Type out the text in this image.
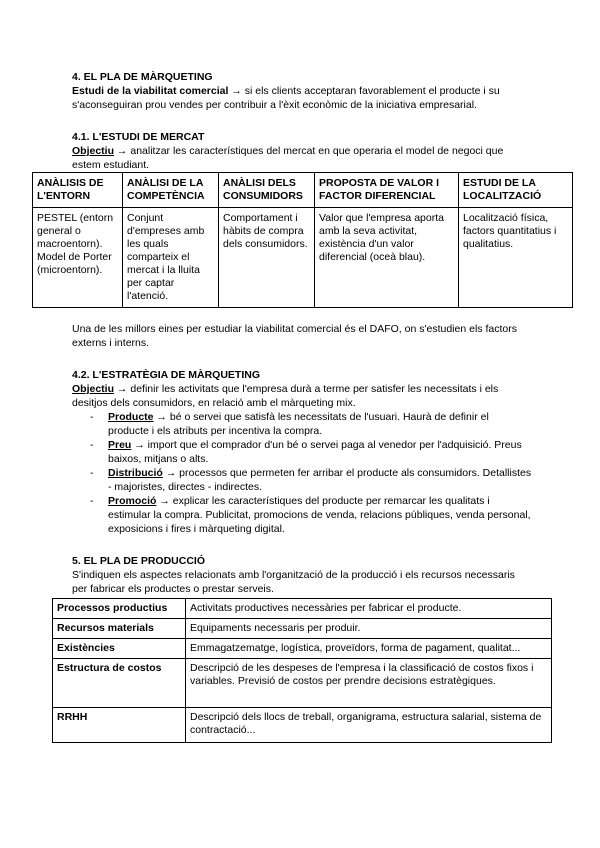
4. EL PLA DE MÀRQUETING

Estudi de la viabilitat comercial → si els clients acceptaran favorablement el producte i su s'aconseguiran prou vendes per contribuir a l'èxit econòmic de la iniciativa empresarial.

4.1. L'ESTUDI DE MERCAT

Objectiu → analitzar les característiques del mercat en que operaria el model de negoci que estem estudiant.

ANÀLISIS DE L'ENTORN	ANÀLISI DE LA COMPETÈNCIA	ANÀLISI DELS CONSUMIDORS	PROPOSTA DE VALOR I FACTOR DIFERENCIAL	ESTUDI DE LA LOCALITZACIÓ
PESTEL (entorn general o macroentorn). Model de Porter (microentorn).	Conjunt d'empreses amb les quals comparteix el mercat i la lluita per captar l'atenció.	Comportament i hàbits de compra dels consumidors.	Valor que l'empresa aporta amb la seva activitat, existència d'un valor diferencial (oceà blau).	Localització física, factors quantitatius i qualitatius.

Una de les millors eines per estudiar la viabilitat comercial és el DAFO, on s'estudien els factors externs i interns.

4.2. L'ESTRATÈGIA DE MÀRQUETING

Objectiu → definir les activitats que l'empresa durà a terme per satisfer les necessitats i els desitjos dels consumidors, en relació amb el màrqueting mix.

- Producte → bé o servei que satisfà les necessitats de l'usuari. Haurà de definir el producte i els atributs per incentiva la compra.
- Preu → import que el comprador d'un bé o servei paga al venedor per l'adquisició. Preus baixos, mitjans o alts.
- Distribució → processos que permeten fer arribar el producte als consumidors. Detallistes - majoristes, directes - indirectes.
- Promoció → explicar les característiques del producte per remarcar les qualitats i estimular la compra. Publicitat, promocions de venda, relacions públiques, venda personal, exposicions i fires i màrqueting digital.

5. EL PLA DE PRODUCCIÓ

S'indiquen els aspectes relacionats amb l'organització de la producció i els recursos necessaris per fabricar els productes o prestar serveis.

Processos productius	Activitats productives necessàries per fabricar el producte.
Recursos materials	Equipaments necessaris per produir.
Existències	Emmagatzematge, logística, proveïdors, forma de pagament, qualitat...
Estructura de costos	Descripció de les despeses de l'empresa i la classificació de costos fixos i variables. Previsió de costos per prendre decisions estratègiques.
RRHH	Descripció dels llocs de treball, organigrama, estructura salarial, sistema de contractació...
